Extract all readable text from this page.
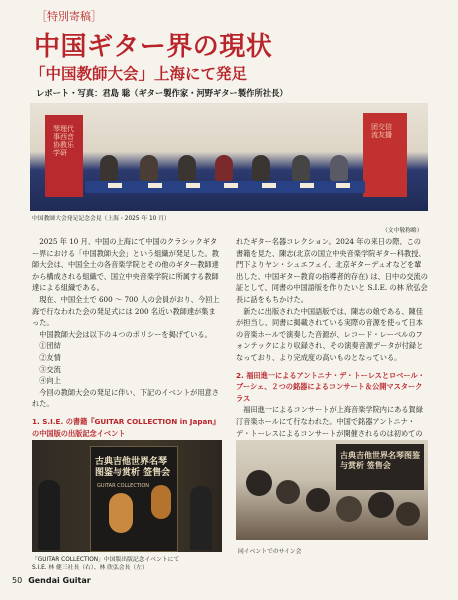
［特別寄稿］
中国ギター界の現状
「中国教師大会」上海にて発足
レポート・写真：君島 聡（ギター製作家・河野ギター製作所社長）
琴理代事西音协教乐学研
团交信流友播
中国教師大会発足記念会見（上海・2025 年 10 月）
（文中敬称略）

2025 年 10 月、中国の上海にて中国のクラシックギター界における「中国教師大会」という組織が発足した。教師大会は、中国全土の各音楽学院とその他のギター教師達から構成される組織で、国立中央音楽学院に所属する教師達による組織である。

現在、中国全土で 600 〜 700 人の会員がおり、今回上海で行なわれた会の発足式には 200 名近い教師達が集まった。

中国教師大会は以下の４つのポリシーを掲げている。

①団結

②友情

③交流

④向上

今回の教師大会の発足に伴い、下記のイベントが用意された。

1. S.I.E. の書籍『GUITAR COLLECTION in Japan』の中国版の出版記念イベント

れたギター名器コレクション。2024 年の来日の際、この書籍を見た、陳志(北京の国立中央音楽学院ギター科教授、門下よりヤン・シュエフェイ、北京ギターデュオなどを輩出した、中国ギター教育の指導者的存在) は、日中の交流の証として、同書の中国語版を作りたいと S.I.E. の林 欣弘会長に話をもちかけた。

新たに出版された中国語版では、陳志の娘である、陳佳が担当し、同書に掲載されている実際の音源を使って日本の音楽ホールで演奏した音源が、レコード・レーベルのフォンテックにより収録され、その演奏音源データが付録となっており、より完成度の高いものとなっている。

2. 福田進一によるアントニナ・デ・トーレスとロベール・ブーシェ、２つの銘器によるコンサート＆公開マスタークラス

福田進一によるコンサートが上海音楽学院内にある賀緑汀音楽ホールにて行なわれた。中国で銘器アントニナ・デ・トーレスによるコンサートが開催されるのは初めての

古典吉他世界名琴图鉴与赏析 签售会
GUITAR COLLECTION
「GUITAR COLLECTION」中国版出版記念イベントにて
S.I.E. 林 健三社長（右）、林 欣弘会長（左）
古典吉他世界名琴图鉴与赏析 签售会
同イベントでのサイン会
50 Gendai Guitar
